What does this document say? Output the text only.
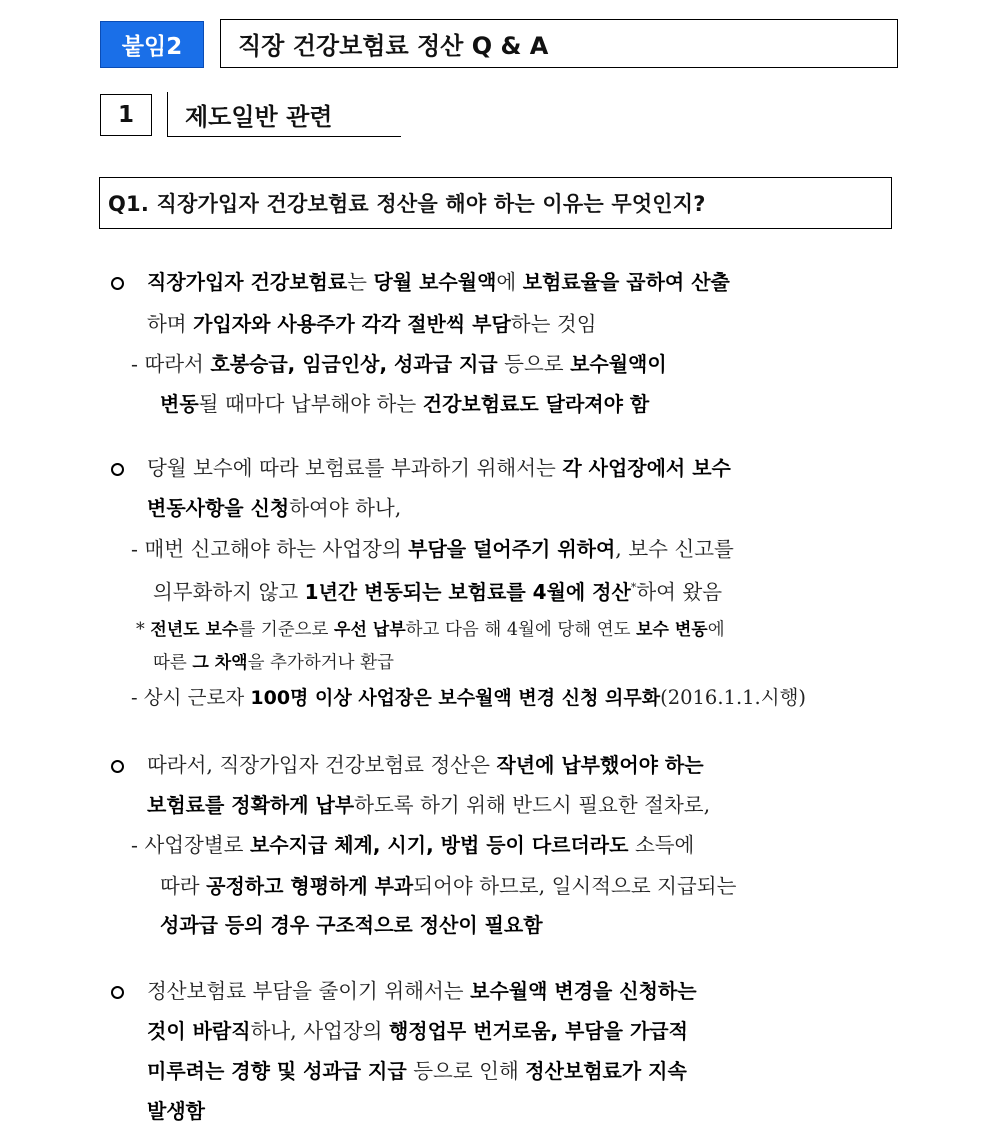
붙임2	직장 건강보험료 정산 Q & A
1	제도일반 관련
Q1. 직장가입자 건강보험료 정산을 해야 하는 이유는 무엇인지?
직장가입자 건강보험료는 당월 보수월액에 보험료율을 곱하여 산출
하며 가입자와 사용주가 각각 절반씩 부담하는 것임
- 따라서 호봉승급, 임금인상, 성과급 지급 등으로 보수월액이
변동될 때마다 납부해야 하는 건강보험료도 달라져야 함
당월 보수에 따라 보험료를 부과하기 위해서는 각 사업장에서 보수
변동사항을 신청하여야 하나,
- 매번 신고해야 하는 사업장의 부담을 덜어주기 위하여, 보수 신고를
의무화하지 않고 1년간 변동되는 보험료를 4월에 정산*하여 왔음
* 전년도 보수를 기준으로 우선 납부하고 다음 해 4월에 당해 연도 보수 변동에
따른 그 차액을 추가하거나 환급
- 상시 근로자 100명 이상 사업장은 보수월액 변경 신청 의무화(2016.1.1.시행)
따라서, 직장가입자 건강보험료 정산은 작년에 납부했어야 하는
보험료를 정확하게 납부하도록 하기 위해 반드시 필요한 절차로,
- 사업장별로 보수지급 체계, 시기, 방법 등이 다르더라도 소득에
따라 공정하고 형평하게 부과되어야 하므로, 일시적으로 지급되는
성과급 등의 경우 구조적으로 정산이 필요함
정산보험료 부담을 줄이기 위해서는 보수월액 변경을 신청하는
것이 바람직하나, 사업장의 행정업무 번거로움, 부담을 가급적
미루려는 경향 및 성과급 지급 등으로 인해 정산보험료가 지속
발생함
